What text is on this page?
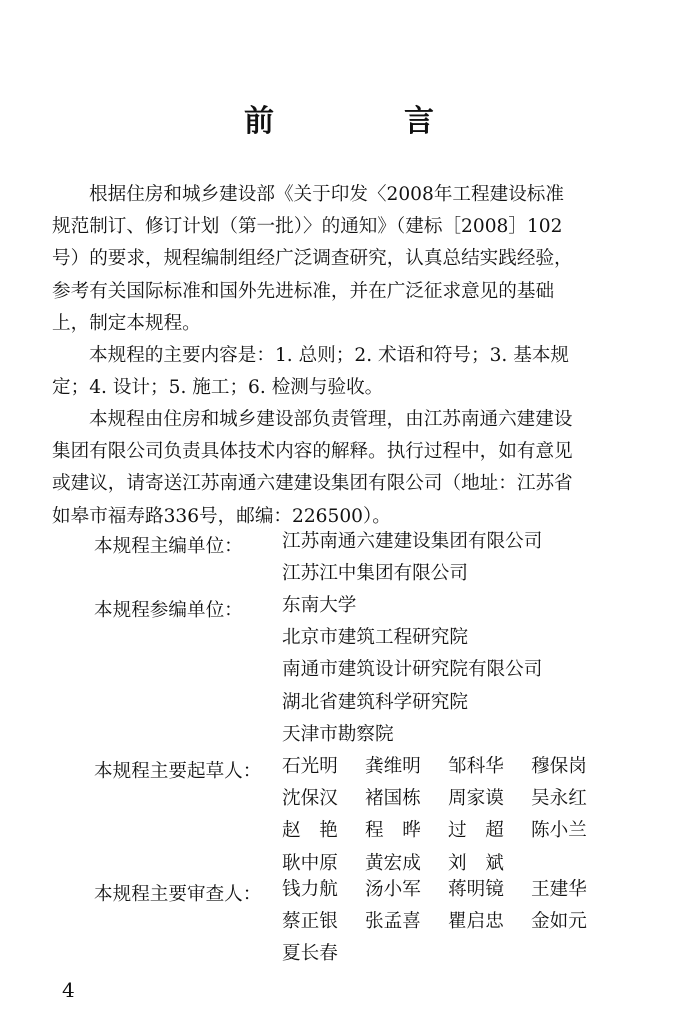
前　言
根据住房和城乡建设部《关于印发〈2008年工程建设标准
规范制订、修订计划（第一批）〉的通知》（建标［2008］102
号）的要求，规程编制组经广泛调查研究，认真总结实践经验，
参考有关国际标准和国外先进标准，并在广泛征求意见的基础
上，制定本规程。
本规程的主要内容是：1. 总则；2. 术语和符号；3. 基本规
定；4. 设计；5. 施工；6. 检测与验收。
本规程由住房和城乡建设部负责管理，由江苏南通六建建设
集团有限公司负责具体技术内容的解释。执行过程中，如有意见
或建议，请寄送江苏南通六建建设集团有限公司（地址：江苏省
如皋市福寿路336号，邮编：226500）。
本规程主编单位： 江苏南通六建建设集团有限公司
江苏江中集团有限公司
本规程参编单位： 东南大学
北京市建筑工程研究院
南通市建筑设计研究院有限公司
湖北省建筑科学研究院
天津市勘察院
本规程主要起草人： 石光明	龚维明	邹科华	穆保岗
沈保汉	褚国栋	周家谟	吴永红
赵　艳	程　晔	过　超	陈小兰
耿中原	黄宏成	刘　斌
本规程主要审查人： 钱力航	汤小军	蒋明镜	王建华
蔡正银	张孟喜	瞿启忠	金如元
夏长春
4
